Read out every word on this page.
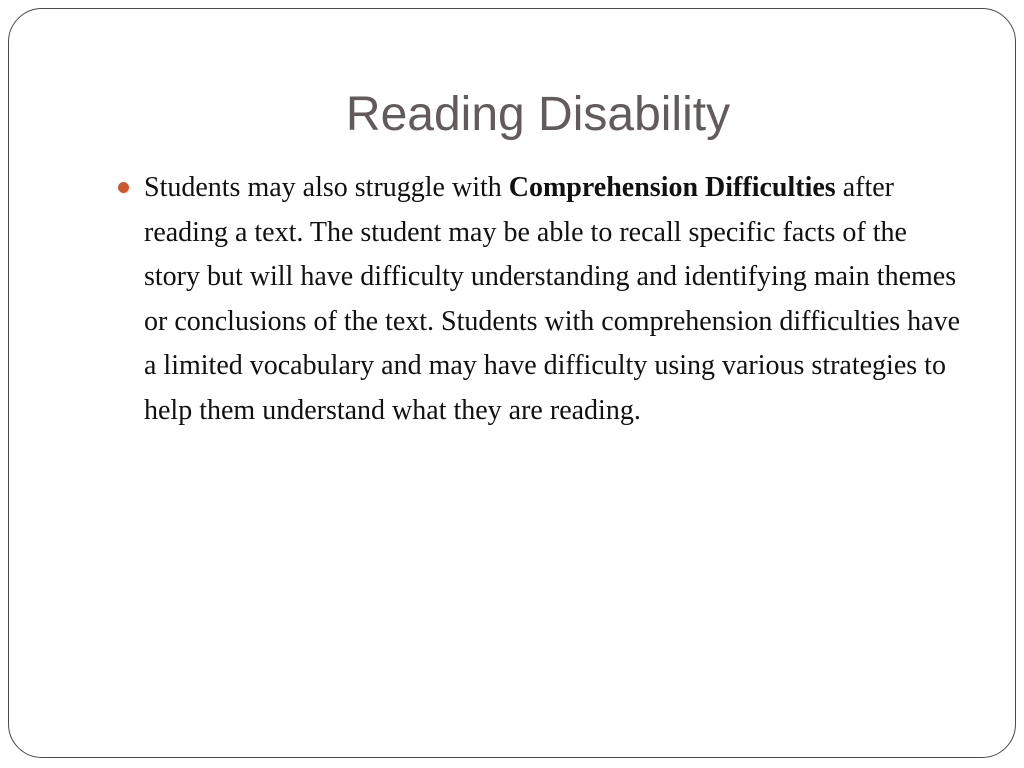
Reading Disability
Students may also struggle with Comprehension Difficulties after reading a text. The student may be able to recall specific facts of the story but will have difficulty understanding and identifying main themes or conclusions of the text. Students with comprehension difficulties have a limited vocabulary and may have difficulty using various strategies to help them understand what they are reading.
